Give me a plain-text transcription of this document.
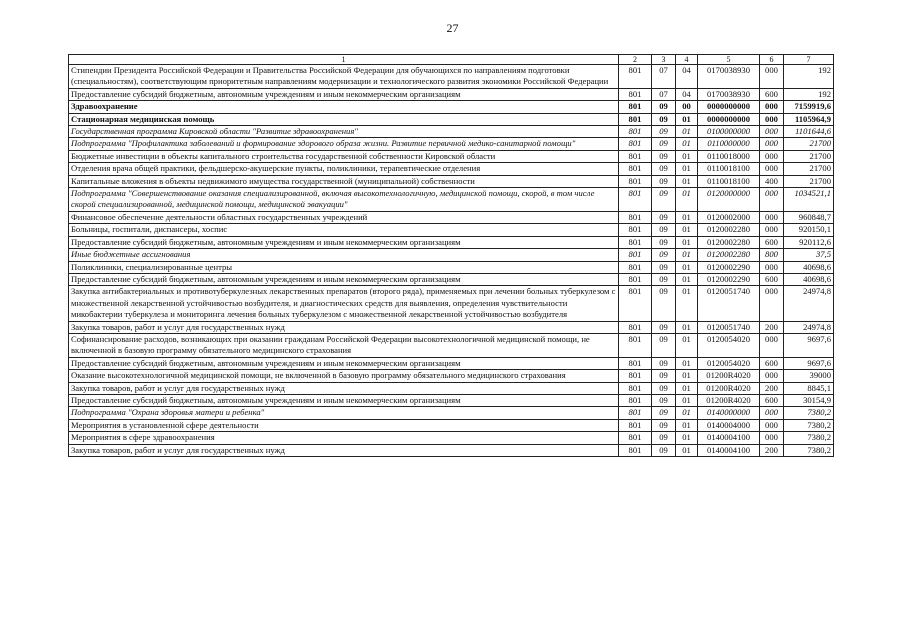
27
1	2	3	4	5	6	7
Стипендии Президента Российской Федерации и Правительства Российской Федерации для обучающихся по направлениям подготовки (специальностям), соответствующим приоритетным направлениям модернизации и технологического развития экономики Российской Федерации	801	07	04	0170038930	000	192
Предоставление субсидий бюджетным, автономным учреждениям и иным некоммерческим организациям	801	07	04	0170038930	600	192
Здравоохранение	801	09	00	0000000000	000	7159919,6
Стационарная медицинская помощь	801	09	01	0000000000	000	1105964,9
Государственная программа Кировской области "Развитие здравоохранения"	801	09	01	0100000000	000	1101644,6
Подпрограмма "Профилактика заболеваний и формирование здорового образа жизни. Развитие первичной медико-санитарной помощи"	801	09	01	0110000000	000	21700
Бюджетные инвестиции в объекты капитального строительства государственной собственности Кировской области	801	09	01	0110018000	000	21700
Отделения врача общей практики, фельдшерско-акушерские пункты, поликлиники, терапевтические отделения	801	09	01	0110018100	000	21700
Капитальные вложения в объекты недвижимого имущества государственной (муниципальной) собственности	801	09	01	0110018100	400	21700
Подпрограмма "Совершенствование оказания специализированной, включая высокотехнологичную, медицинской помощи, скорой, в том числе скорой специализированной, медицинской помощи, медицинской эвакуации"	801	09	01	0120000000	000	1034521,1
Финансовое обеспечение деятельности областных государственных учреждений	801	09	01	0120002000	000	960848,7
Больницы, госпитали, диспансеры, хоспис	801	09	01	0120002280	000	920150,1
Предоставление субсидий бюджетным, автономным учреждениям и иным некоммерческим организациям	801	09	01	0120002280	600	920112,6
Иные бюджетные ассигнования	801	09	01	0120002280	800	37,5
Поликлиники, специализированные центры	801	09	01	0120002290	000	40698,6
Предоставление субсидий бюджетным, автономным учреждениям и иным некоммерческим организациям	801	09	01	0120002290	600	40698,6
Закупка антибактериальных и противотуберкулезных лекарственных препаратов (второго ряда), применяемых при лечении больных туберкулезом с множественной лекарственной устойчивостью возбудителя, и диагностических средств для выявления, определения чувствительности микобактерии туберкулеза и мониторинга лечения больных туберкулезом с множественной лекарственной устойчивостью возбудителя	801	09	01	0120051740	000	24974,8
Закупка товаров, работ и услуг для государственных нужд	801	09	01	0120051740	200	24974,8
Софинансирование расходов, возникающих при оказании гражданам Российской Федерации высокотехнологичной медицинской помощи, не включенной в базовую программу обязательного медицинского страхования	801	09	01	0120054020	000	9697,6
Предоставление субсидий бюджетным, автономным учреждениям и иным некоммерческим организациям	801	09	01	0120054020	600	9697,6
Оказание высокотехнологичной медицинской помощи, не включенной в базовую программу обязательного медицинского страхования	801	09	01	01200R4020	000	39000
Закупка товаров, работ и услуг для государственных нужд	801	09	01	01200R4020	200	8845,1
Предоставление субсидий бюджетным, автономным учреждениям и иным некоммерческим организациям	801	09	01	01200R4020	600	30154,9
Подпрограмма "Охрана здоровья матери и ребенка"	801	09	01	0140000000	000	7380,2
Мероприятия в установленной сфере деятельности	801	09	01	0140004000	000	7380,2
Мероприятия в сфере здравоохранения	801	09	01	0140004100	000	7380,2
Закупка товаров, работ и услуг для государственных нужд	801	09	01	0140004100	200	7380,2
